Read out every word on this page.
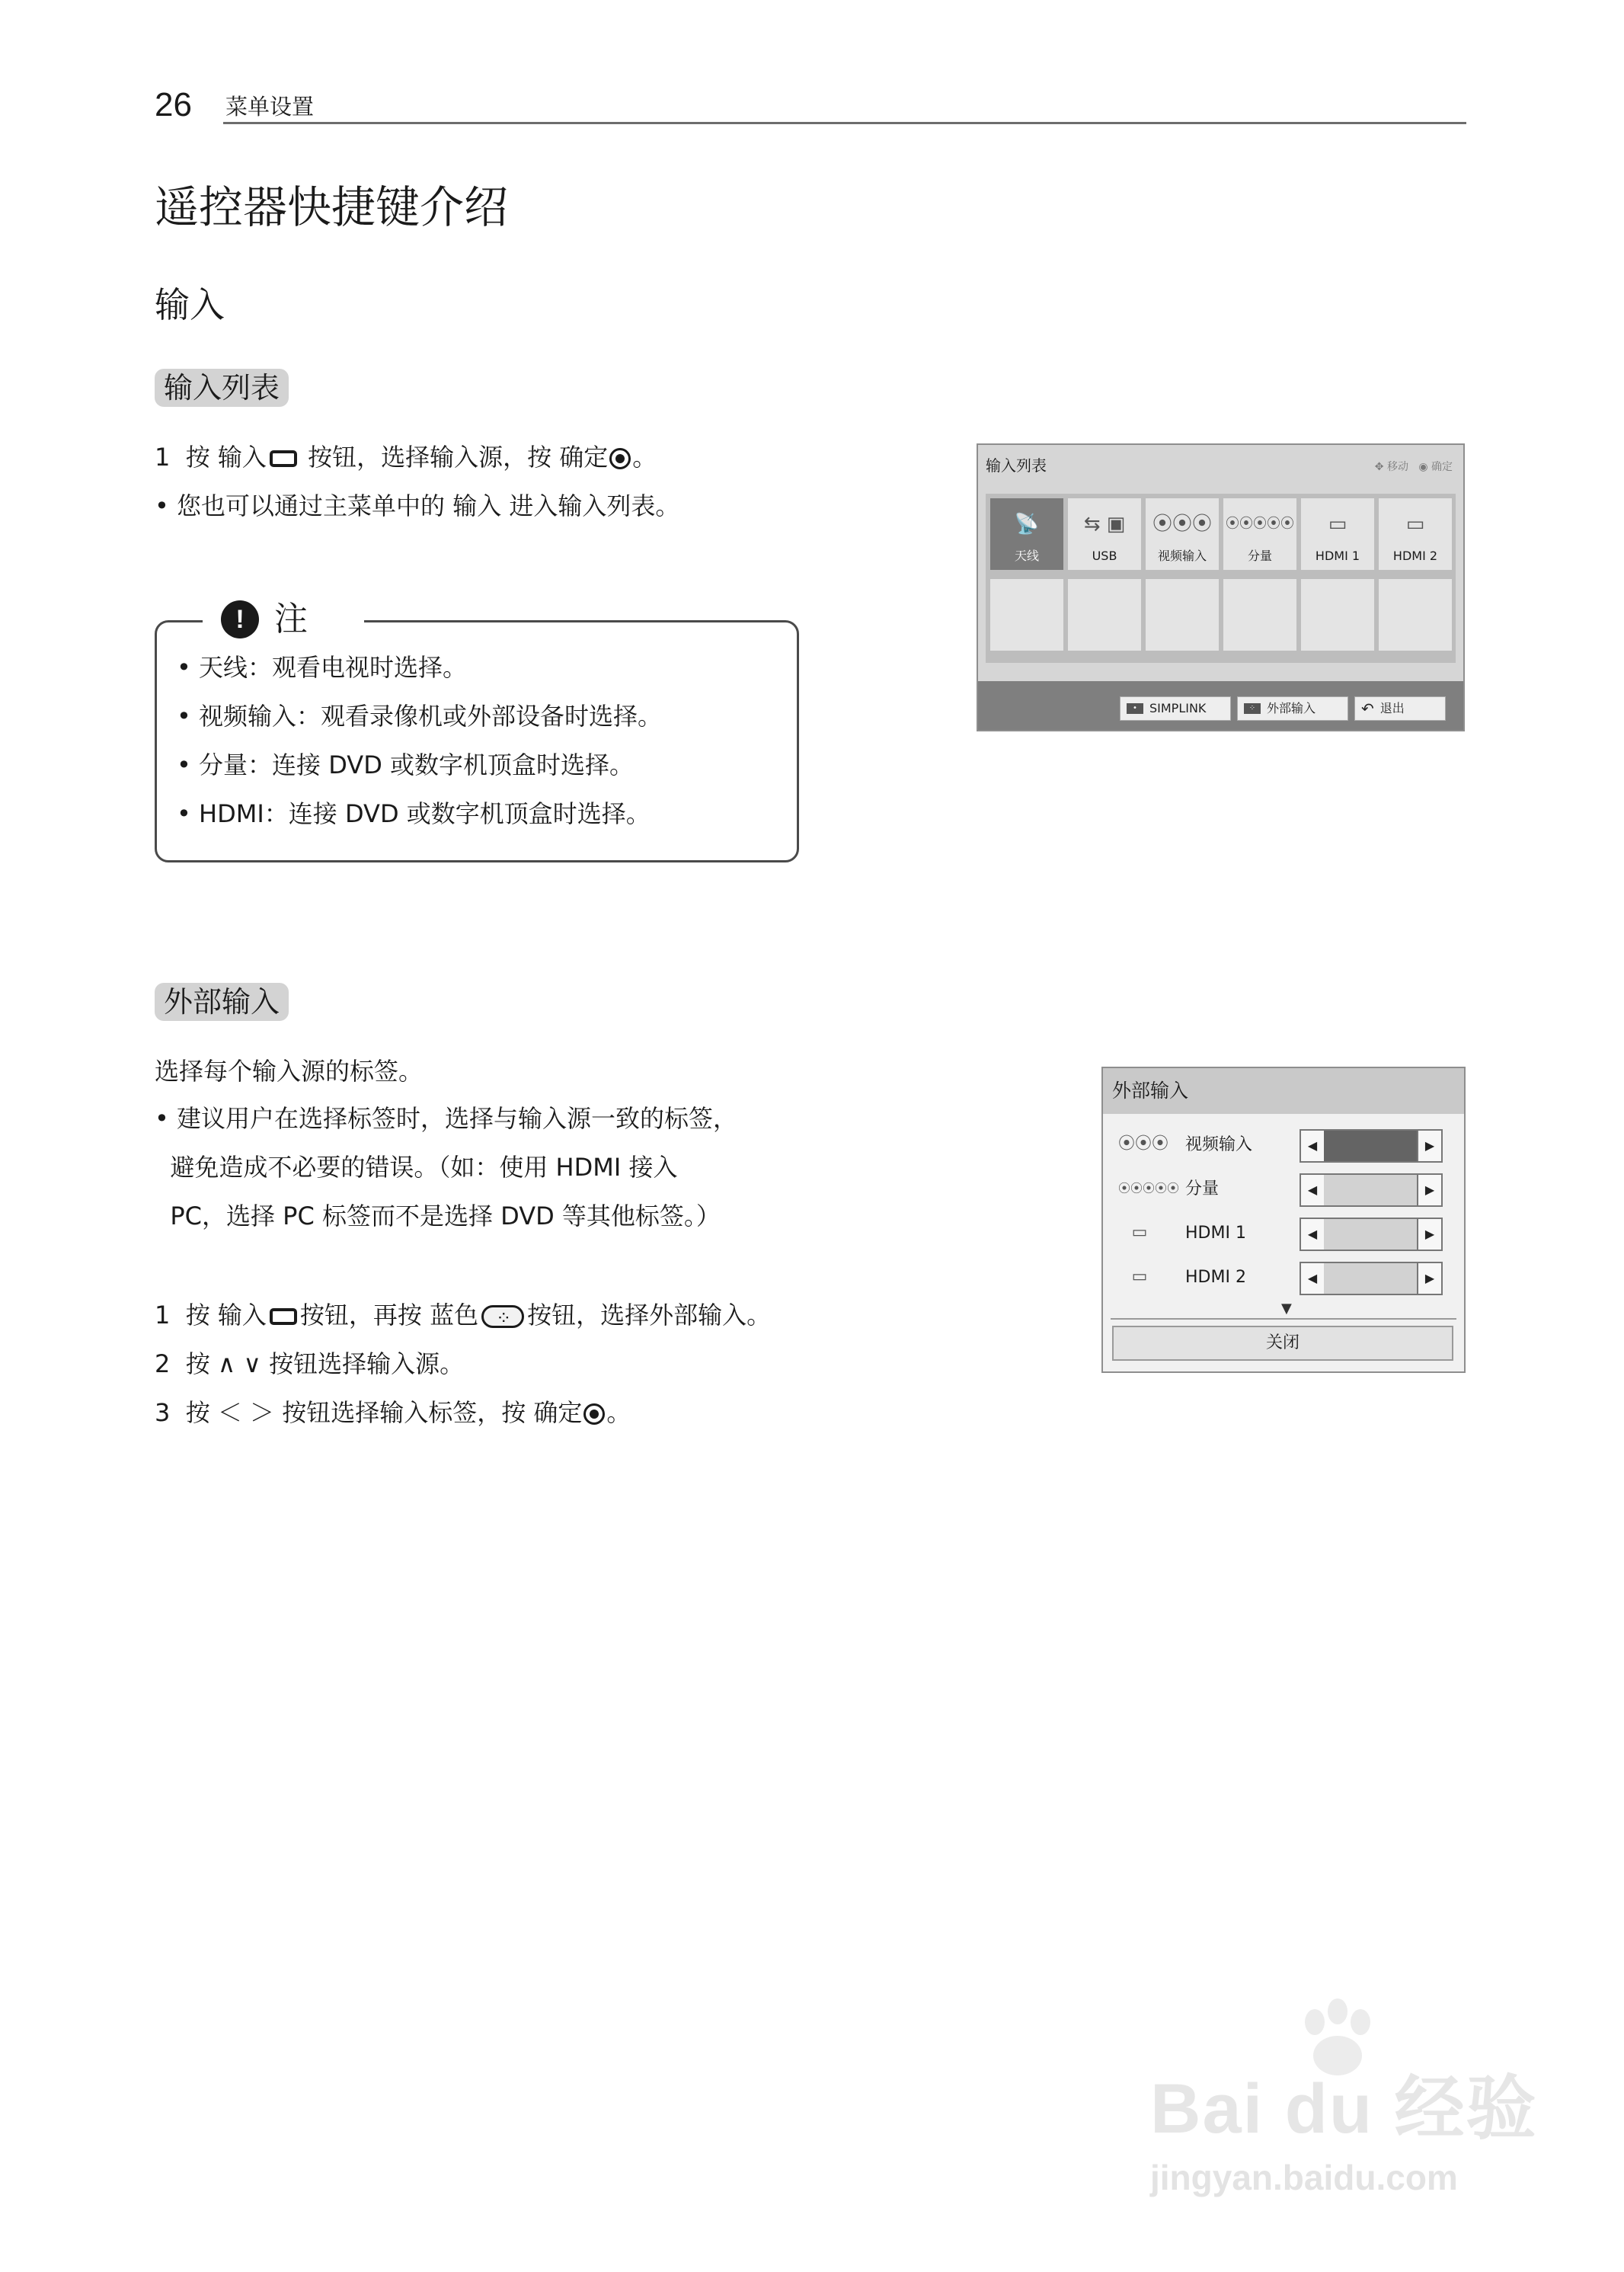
26 菜单设置
遥控器快捷键介绍
输入
输入列表
1 按 输入 按钮，选择输入源，按 确定 。
• 您也可以通过主菜单中的 输入 进入输入列表。
! 注
• 天线：观看电视时选择。
• 视频输入：观看录像机或外部设备时选择。
• 分量：连接 DVD 或数字机顶盒时选择。
• HDMI：连接 DVD 或数字机顶盒时选择。
输入列表	✥ 移动 ◉ 确定
📡
天线
⇆ ▣
USB
⦿⦿⦿
视频输入
⦿⦿⦿⦿⦿
分量
▭
HDMI 1
▭
HDMI 2
•	SIMPLINK	⁘ 外部输入	↶ 退出
外部输入
选择每个输入源的标签。
• 建议用户在选择标签时，选择与输入源一致的标签，
避免造成不必要的错误。（如：使用 HDMI 接入
PC，选择 PC 标签而不是选择 DVD 等其他标签。）
1 按 输入 按钮，再按 蓝色⁘ 按钮，选择外部输入。
2 按 ∧ ∨ 按钮选择输入源。
3 按 ＜ ＞ 按钮选择输入标签，按 确定 。
外部输入
⦿⦿⦿ 视频输入	◀	▶
⦿⦿⦿⦿⦿ 分量	◀	▶
▭	HDMI 1	◀	▶
▭	HDMI 2	◀	▶
▼
关闭
Bai du 经验
jingyan.baidu.com
